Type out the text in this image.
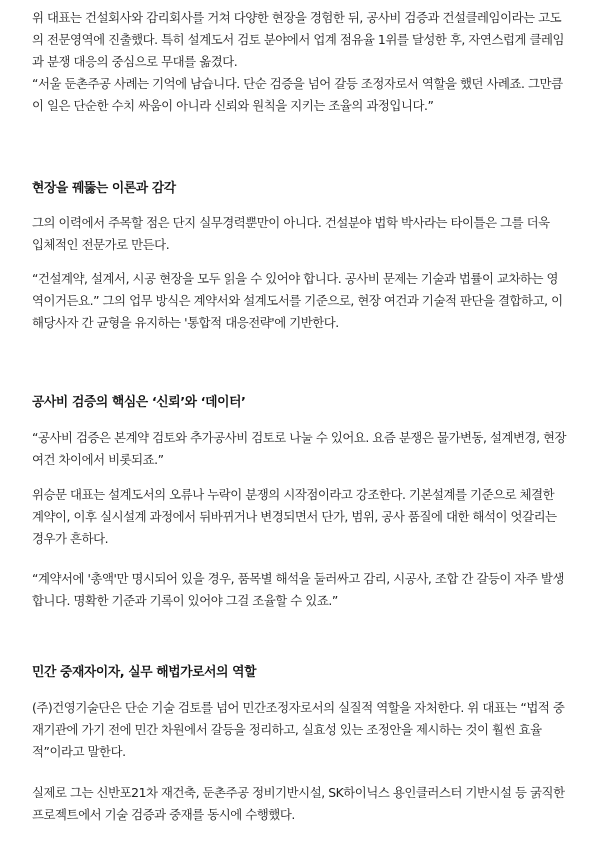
위 대표는 건설회사와 감리회사를 거쳐 다양한 현장을 경험한 뒤, 공사비 검증과 건설클레임이라는 고도
의 전문영역에 진출했다. 특히 설계도서 검토 분야에서 업계 점유율 1위를 달성한 후, 자연스럽게 클레임
과 분쟁 대응의 중심으로 무대를 옮겼다.
“서울 둔촌주공 사례는 기억에 남습니다. 단순 검증을 넘어 갈등 조정자로서 역할을 했던 사례죠. 그만큼
이 일은 단순한 수치 싸움이 아니라 신뢰와 원칙을 지키는 조율의 과정입니다.”
현장을 꿰뚫는 이론과 감각
그의 이력에서 주목할 점은 단지 실무경력뿐만이 아니다. 건설분야 법학 박사라는 타이틀은 그를 더욱
입체적인 전문가로 만든다.
“건설계약, 설계서, 시공 현장을 모두 읽을 수 있어야 합니다. 공사비 문제는 기술과 법률이 교차하는 영
역이거든요.” 그의 업무 방식은 계약서와 설계도서를 기준으로, 현장 여건과 기술적 판단을 결합하고, 이
해당사자 간 균형을 유지하는 '통합적 대응전략'에 기반한다.
공사비 검증의 핵심은 ‘신뢰’와 ‘데이터’
“공사비 검증은 본계약 검토와 추가공사비 검토로 나눌 수 있어요. 요즘 분쟁은 물가변동, 설계변경, 현장
여건 차이에서 비롯되죠.”
위승문 대표는 설계도서의 오류나 누락이 분쟁의 시작점이라고 강조한다. 기본설계를 기준으로 체결한
계약이, 이후 실시설계 과정에서 뒤바뀌거나 변경되면서 단가, 범위, 공사 품질에 대한 해석이 엇갈리는
경우가 흔하다.
“계약서에 '총액'만 명시되어 있을 경우, 품목별 해석을 둘러싸고 감리, 시공사, 조합 간 갈등이 자주 발생
합니다. 명확한 기준과 기록이 있어야 그걸 조율할 수 있죠.”
민간 중재자이자, 실무 해법가로서의 역할
(주)건영기술단은 단순 기술 검토를 넘어 민간조정자로서의 실질적 역할을 자처한다. 위 대표는 “법적 중
재기관에 가기 전에 민간 차원에서 갈등을 정리하고, 실효성 있는 조정안을 제시하는 것이 훨씬 효율
적”이라고 말한다.
실제로 그는 신반포21차 재건축, 둔촌주공 정비기반시설, SK하이닉스 용인클러스터 기반시설 등 굵직한
프로젝트에서 기술 검증과 중재를 동시에 수행했다.
